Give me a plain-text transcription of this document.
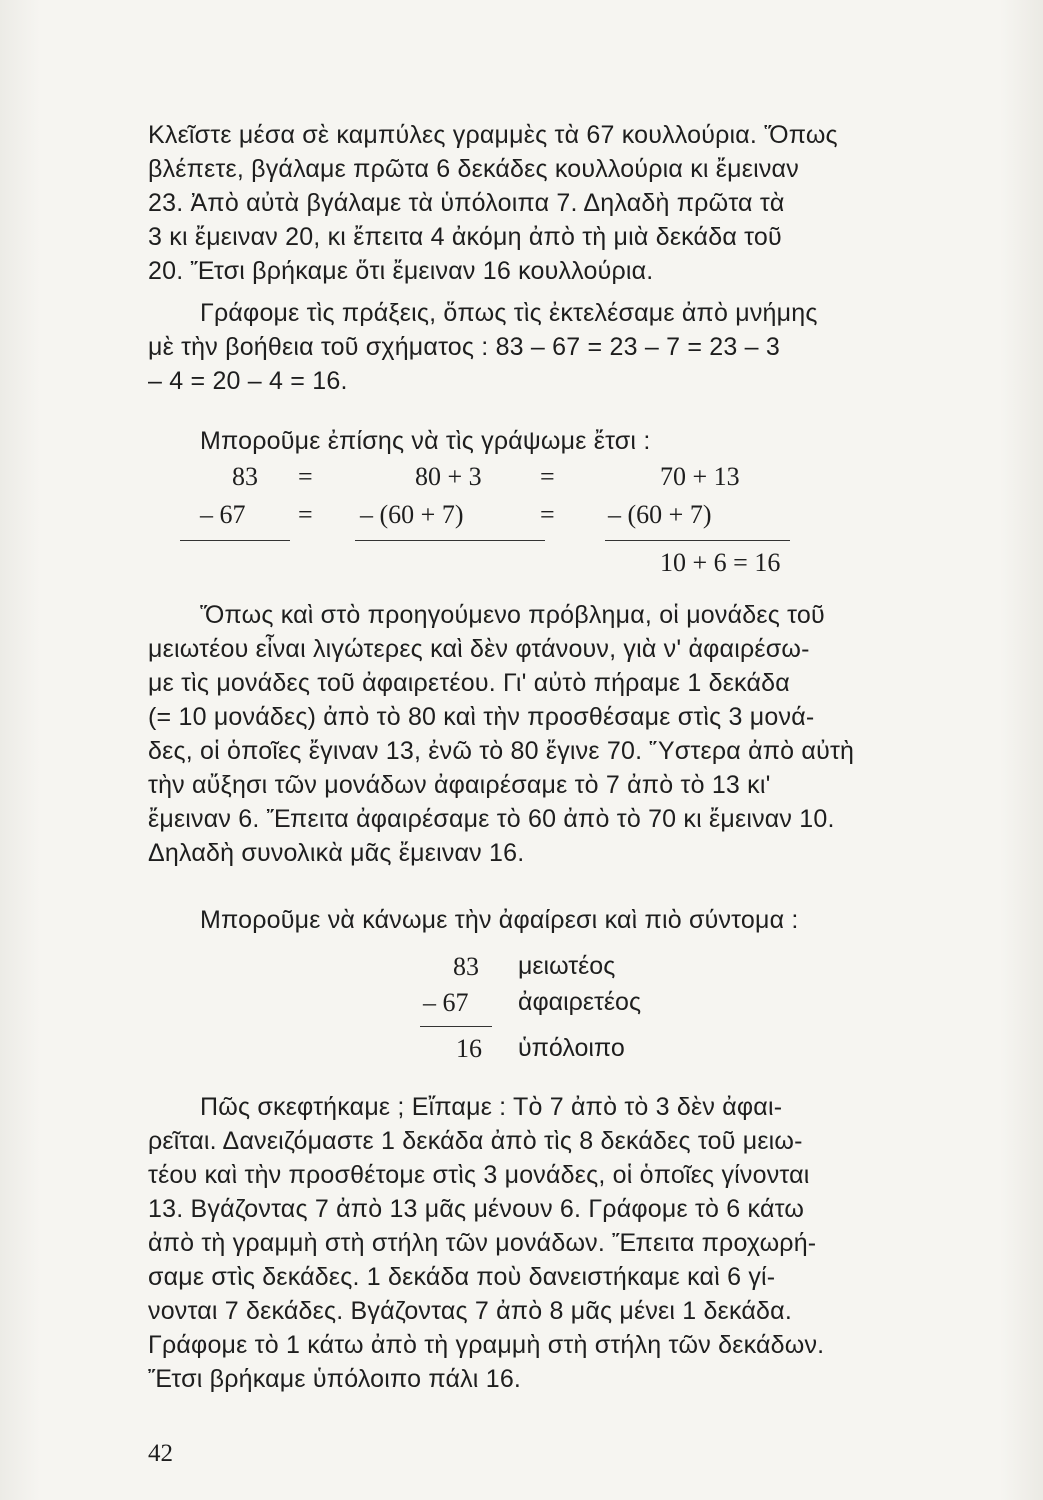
Κλεῖστε μέσα σὲ καμπύλες γραμμὲς τὰ 67 κουλλούρια. Ὅπως
βλέπετε, βγάλαμε πρῶτα 6 δεκάδες κουλλούρια κι ἔμειναν
23. Ἀπὸ αὐτὰ βγάλαμε τὰ ὑπόλοιπα 7. Δηλαδὴ πρῶτα τὰ
3 κι ἔμειναν 20, κι ἔπειτα 4 ἀκόμη ἀπὸ τὴ μιὰ δεκάδα τοῦ
20. Ἔτσι βρήκαμε ὅτι ἔμειναν 16 κουλλούρια.

Γράφομε τὶς πράξεις, ὅπως τὶς ἐκτελέσαμε ἀπὸ μνήμης
μὲ τὴν βοήθεια τοῦ σχήματος : 83 – 67 = 23 – 7 = 23 – 3
– 4 = 20 – 4 = 16.

Μποροῦμε ἐπίσης νὰ τὶς γράψωμε ἔτσι :

83 =	80 + 3 =	70 + 13
– 67 = – (60 + 7)	= – (60 + 7)
10 + 6 = 16

Ὅπως καὶ στὸ προηγούμενο πρόβλημα, οἱ μονάδες τοῦ
μειωτέου εἶναι λιγώτερες καὶ δὲν φτάνουν, γιὰ ν' ἀφαιρέσω-
με τὶς μονάδες τοῦ ἀφαιρετέου. Γι' αὐτὸ πήραμε 1 δεκάδα
(= 10 μονάδες) ἀπὸ τὸ 80 καὶ τὴν προσθέσαμε στὶς 3 μονά-
δες, οἱ ὁποῖες ἔγιναν 13, ἐνῶ τὸ 80 ἔγινε 70. Ὕστερα ἀπὸ αὐτὴ
τὴν αὔξησι τῶν μονάδων ἀφαιρέσαμε τὸ 7 ἀπὸ τὸ 13 κι'
ἔμειναν 6. Ἔπειτα ἀφαιρέσαμε τὸ 60 ἀπὸ τὸ 70 κι ἔμειναν 10.
Δηλαδὴ συνολικὰ μᾶς ἔμειναν 16.

Μποροῦμε νὰ κάνωμε τὴν ἀφαίρεσι καὶ πιὸ σύντομα :

83 μειωτέος
– 67 ἀφαιρετέος
16 ὑπόλοιπο

Πῶς σκεφτήκαμε ; Εἴπαμε : Τὸ 7 ἀπὸ τὸ 3 δὲν ἀφαι-
ρεῖται. Δανειζόμαστε 1 δεκάδα ἀπὸ τὶς 8 δεκάδες τοῦ μειω-
τέου καὶ τὴν προσθέτομε στὶς 3 μονάδες, οἱ ὁποῖες γίνονται
13. Βγάζοντας 7 ἀπὸ 13 μᾶς μένουν 6. Γράφομε τὸ 6 κάτω
ἀπὸ τὴ γραμμὴ στὴ στήλη τῶν μονάδων. Ἔπειτα προχωρή-
σαμε στὶς δεκάδες. 1 δεκάδα ποὺ δανειστήκαμε καὶ 6 γί-
νονται 7 δεκάδες. Βγάζοντας 7 ἀπὸ 8 μᾶς μένει 1 δεκάδα.
Γράφομε τὸ 1 κάτω ἀπὸ τὴ γραμμὴ στὴ στήλη τῶν δεκάδων.
Ἔτσι βρήκαμε ὑπόλοιπο πάλι 16.

42
